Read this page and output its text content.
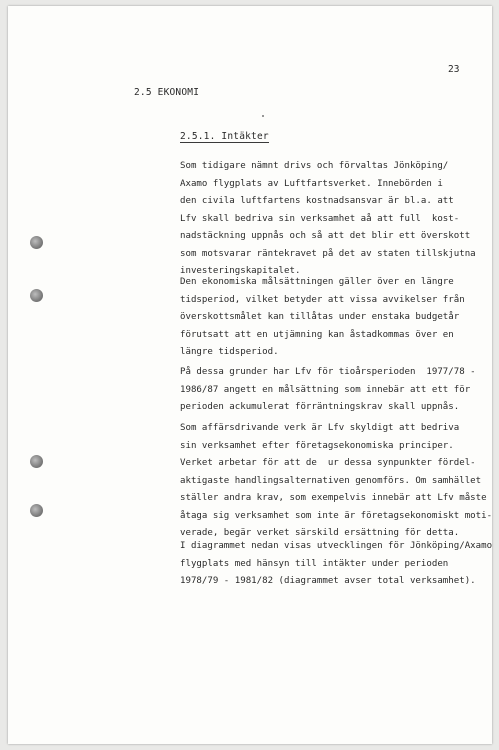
23
2.5 EKONOMI
2.5.1. Intäkter
Som tidigare nämnt drivs och förvaltas Jönköping/
Axamo flygplats av Luftfartsverket. Innebörden i
den civila luftfartens kostnadsansvar är bl.a. att
Lfv skall bedriva sin verksamhet aå att full  kost-
nadstäckning uppnås och så att det blir ett överskott
som motsvarar räntekravet på det av staten tillskjutna
investeringskapitalet.
Den ekonomiska målsättningen gäller över en längre
tidsperiod, vilket betyder att vissa avvikelser från
överskottsmålet kan tillåtas under enstaka budgetår
förutsatt att en utjämning kan åstadkommas över en
längre tidsperiod.
På dessa grunder har Lfv för tioårsperioden  1977/78 -
1986/87 angett en målsättning som innebär att ett för
perioden ackumulerat förräntningskrav skall uppnås.
Som affärsdrivande verk är Lfv skyldigt att bedriva
sin verksamhet efter företagsekonomiska principer.
Verket arbetar för att de  ur dessa synpunkter fördel-
aktigaste handlingsalternativen genomförs. Om samhället
ställer andra krav, som exempelvis innebär att Lfv måste
åtaga sig verksamhet som inte är företagsekonomiskt moti-
verade, begär verket särskild ersättning för detta.
I diagrammet nedan visas utvecklingen för Jönköping/Axamo
flygplats med hänsyn till intäkter under perioden
1978/79 - 1981/82 (diagrammet avser total verksamhet).
